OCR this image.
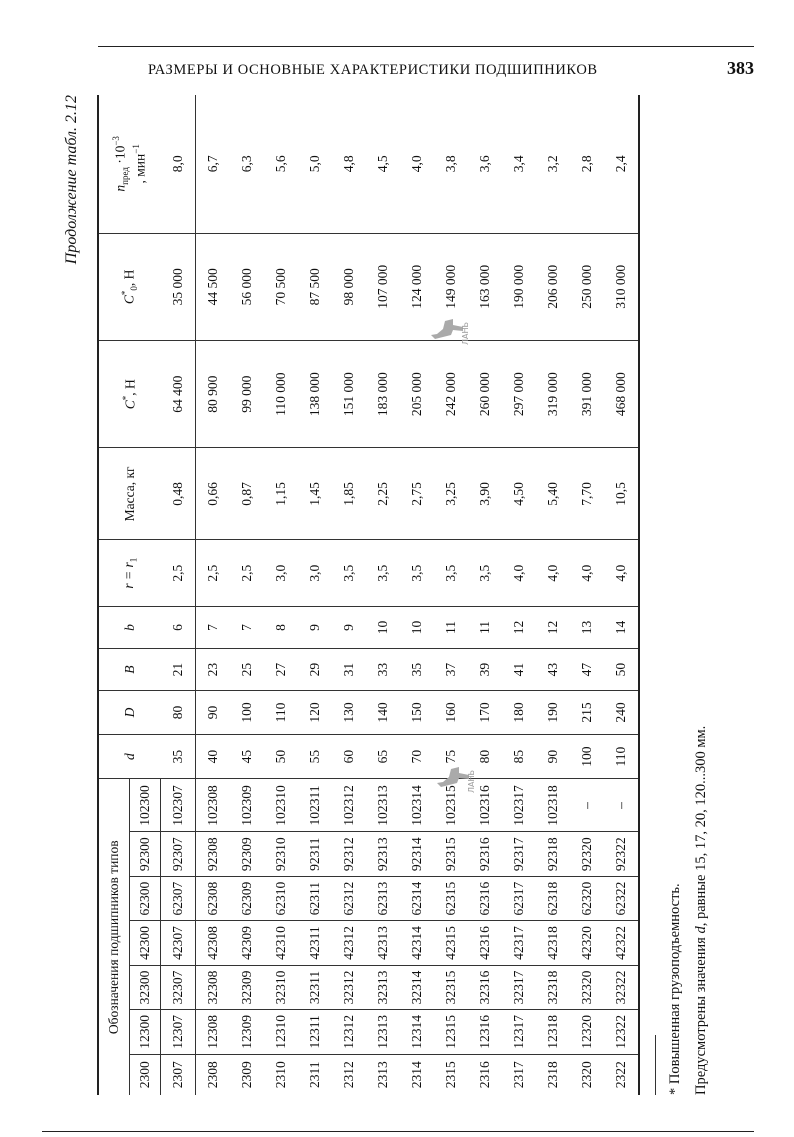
РАЗМЕРЫ И ОСНОВНЫЕ ХАРАКТЕРИСТИКИ ПОДШИПНИКОВ	383
Продолжение табл. 2.12
Обозначения подшипников типов							d	D	B	b	$r = r_1$	Масса, кг	C*, Н	$C^*_0$, Н	$n_{пред} \cdot 10^{-3}$
, мин$^{-1}$
2300	12300	32300	42300	62300	92300	102300									
2307	12307	32307	42307	62307	92307	102307	35	80	21	6	2,5	0,48	64 400	35 000	8,0
2308	12308	32308	42308	62308	92308	102308	40	90	23	7	2,5	0,66	80 900	44 500	6,7
2309	12309	32309	42309	62309	92309	102309	45	100	25	7	2,5	0,87	99 000	56 000	6,3
2310	12310	32310	42310	62310	92310	102310	50	110	27	8	3,0	1,15	110 000	70 500	5,6
2311	12311	32311	42311	62311	92311	102311	55	120	29	9	3,0	1,45	138 000	87 500	5,0
2312	12312	32312	42312	62312	92312	102312	60	130	31	9	3,5	1,85	151 000	98 000	4,8
2313	12313	32313	42313	62313	92313	102313	65	140	33	10	3,5	2,25	183 000	107 000	4,5
2314	12314	32314	42314	62314	92314	102314	70	150	35	10	3,5	2,75	205 000	124 000	4,0
2315	12315	32315	42315	62315	92315	102315	75	160	37	11	3,5	3,25	242 000	149 000	3,8
2316	12316	32316	42316	62316	92316	102316	80	170	39	11	3,5	3,90	260 000	163 000	3,6
2317	12317	32317	42317	62317	92317	102317	85	180	41	12	4,0	4,50	297 000	190 000	3,4
2318	12318	32318	42318	62318	92318	102318	90	190	43	12	4,0	5,40	319 000	206 000	3,2
2320	12320	32320	42320	62320	92320	–	100	215	47	13	4,0	7,70	391 000	250 000	2,8
2322	12322	32322	42322	62322	92322	–	110	240	50	14	4,0	10,5	468 000	310 000	2,4
* Повышенная грузоподъемность. Предусмотрены значения d, равные 15, 17, 20, 120...300 мм.
ЛАНЬ
ЛАНЬ
